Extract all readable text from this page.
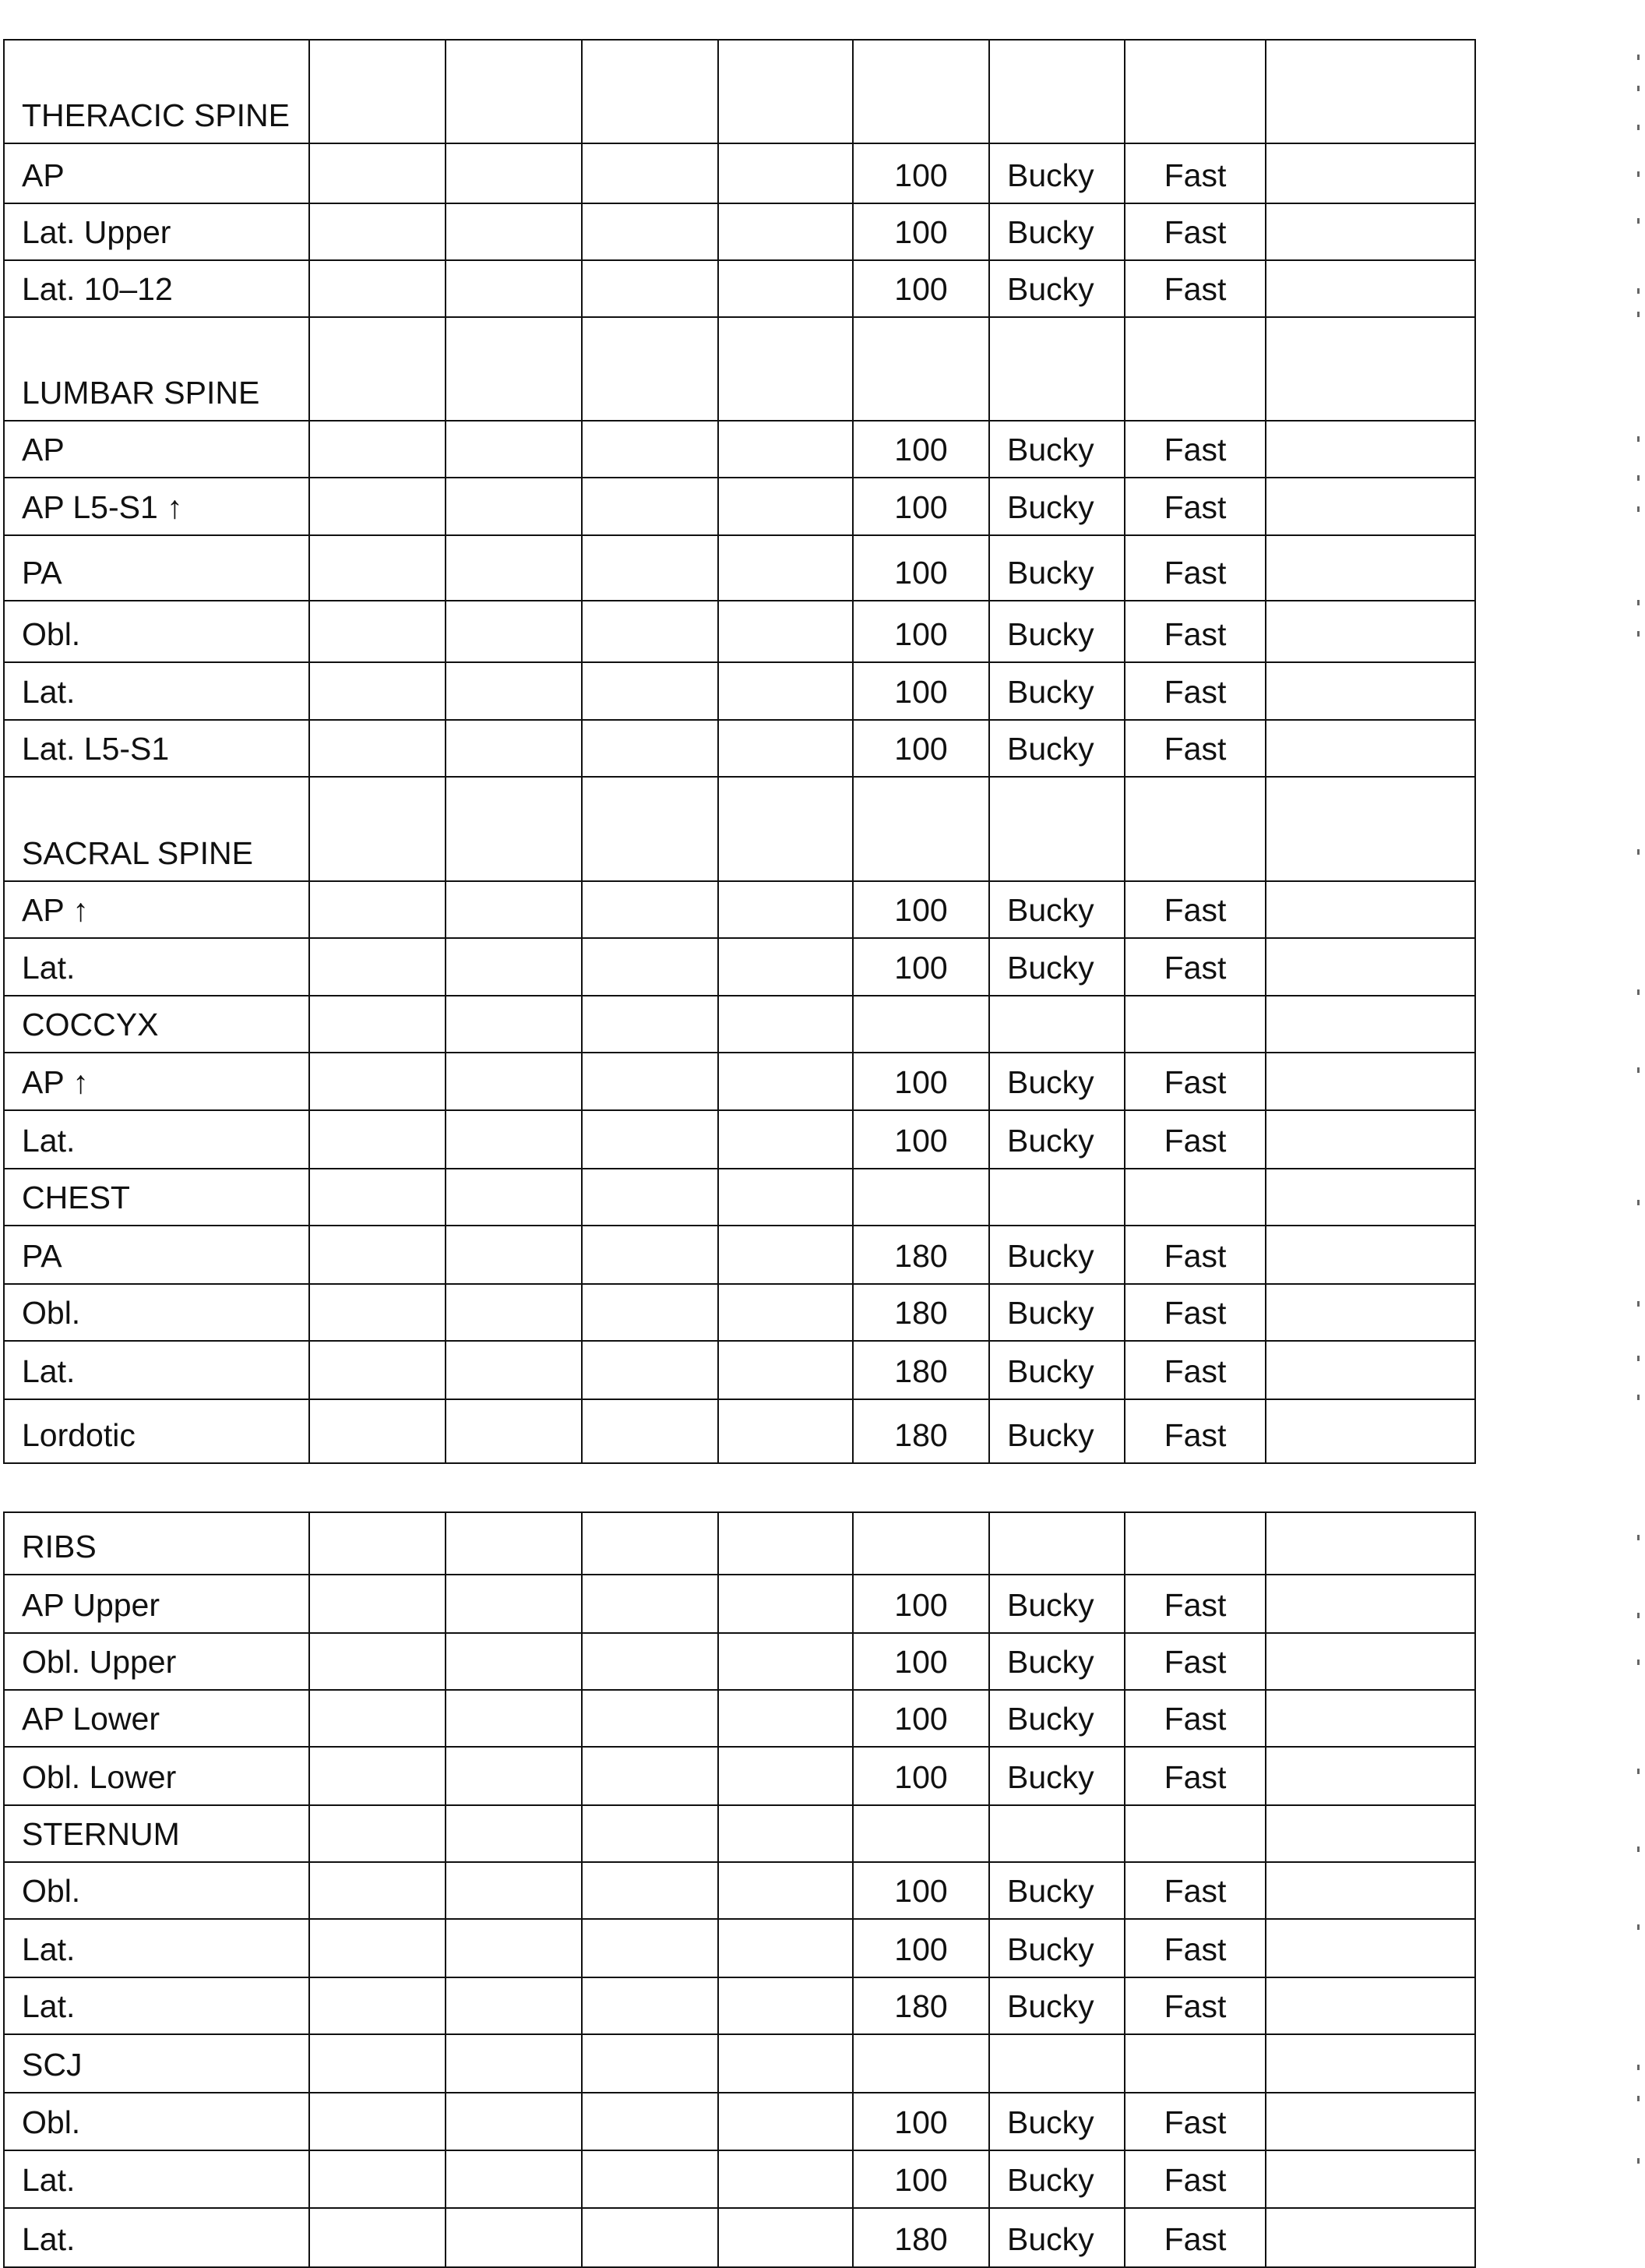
THERACIC SPINE								
AP					100	Bucky	Fast	
Lat. Upper					100	Bucky	Fast	
Lat. 10–12					100	Bucky	Fast	
LUMBAR SPINE								
AP					100	Bucky	Fast	
AP L5-S1 ↑					100	Bucky	Fast	
PA					100	Bucky	Fast	
Obl.					100	Bucky	Fast	
Lat.					100	Bucky	Fast	
Lat. L5-S1					100	Bucky	Fast	
SACRAL SPINE								
AP ↑					100	Bucky	Fast	
Lat.					100	Bucky	Fast	
COCCYX								
AP ↑					100	Bucky	Fast	
Lat.					100	Bucky	Fast	
CHEST								
PA					180	Bucky	Fast	
Obl.					180	Bucky	Fast	
Lat.					180	Bucky	Fast	
Lordotic					180	Bucky	Fast	
RIBS								
AP Upper					100	Bucky	Fast	
Obl. Upper					100	Bucky	Fast	
AP Lower					100	Bucky	Fast	
Obl. Lower					100	Bucky	Fast	
STERNUM								
Obl.					100	Bucky	Fast	
Lat.					100	Bucky	Fast	
Lat.					180	Bucky	Fast	
SCJ								
Obl.					100	Bucky	Fast	
Lat.					100	Bucky	Fast	
Lat.					180	Bucky	Fast	
